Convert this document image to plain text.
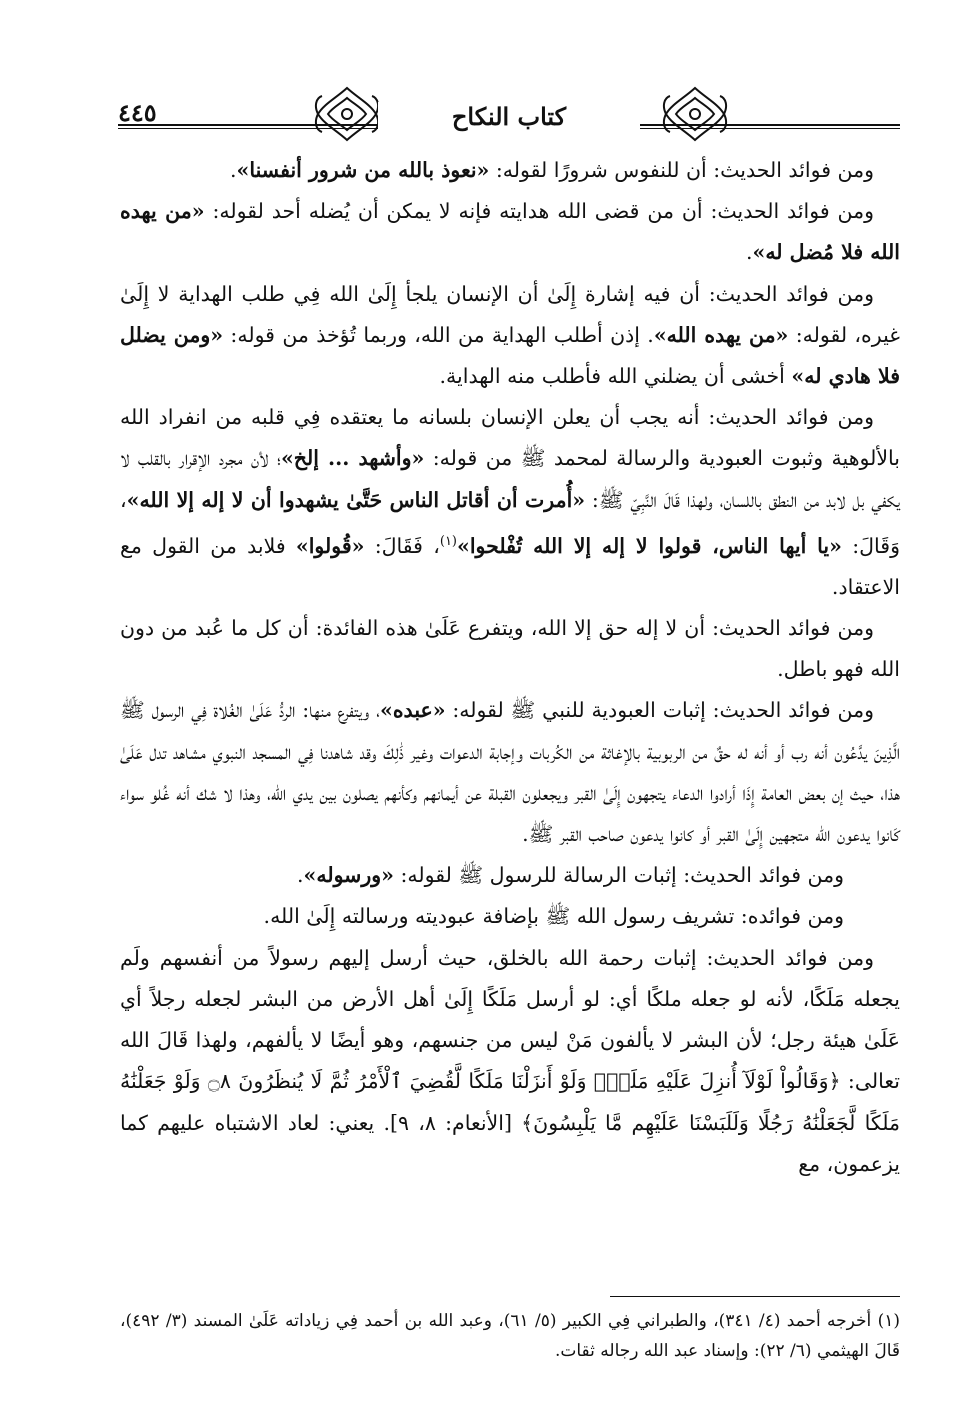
٤٤٥	كتاب النكاح

ومن فوائد الحديث: أن للنفوس شرورًا لقوله: «نعوذ بالله من شرور أنفسنا».

ومن فوائد الحديث: أن من قضى الله هدايته فإنه لا يمكن أن يُضله أحد لقوله: «من يهده الله فلا مُضل له».

ومن فوائد الحديث: أن فيه إشارة إِلَىٰ أن الإنسان يلجأ إِلَىٰ الله فِي طلب الهداية لا إِلَىٰ غيره، لقوله: «من يهده الله». إذن أطلب الهداية من الله، وربما تُؤخذ من قوله: «ومن يضلل فلا هادي له» أخشى أن يضلني الله فأطلب منه الهداية.

ومن فوائد الحديث: أنه يجب أن يعلن الإنسان بلسانه ما يعتقده فِي قلبه من انفراد الله بالألوهية وثبوت العبودية والرسالة لمحمد ﷺ من قوله: «وأشهد ... إلخ»؛ لأن مجرد الإقرار بالقلب لا يكفي بل لابد من النطق باللسان، ولهذا قَالَ النَّبِيّ ﷺ: «أُمرت أن أقاتل الناس حَتَّىٰ يشهدوا أن لا إله إلا الله»، وَقَالَ: «يا أيها الناس، قولوا لا إله إلا الله تُفْلحوا»$^{(١)}$، فَقَالَ: «قُولوا» فلابد من القول مع الاعتقاد.

ومن فوائد الحديث: أن لا إله حق إلا الله، ويتفرع عَلَىٰ هذه الفائدة: أن كل ما عُبد من دون الله فهو باطل.

ومن فوائد الحديث: إثبات العبودية للنبي ﷺ لقوله: «عبده»، ويتفرع منها: الردُّ عَلَىٰ الغُلاة فِي الرسول ﷺ الَّذِينَ يدَّعُون أنه رب أو أنه له حقٌ من الربوبية بالإغاثة من الكُربات وإجابة الدعوات وغير ذَٰلِكَ وقد شاهدنا فِي المسجد النبوي مشاهد تدل عَلَىٰ هذا، حيث إن بعض العامة إِذَا أرادوا الدعاء يتجهون إِلَىٰ القبر ويجعلون القبلة عن أيمانهم وكأنهم يصلون بين يدي الله، وهذا لا شك أنه غُلو سواء كَانوا يدعون الله متجهين إِلَىٰ القبر أو كانوا يدعون صاحب القبر ﷺ.

ومن فوائد الحديث: إثبات الرسالة للرسول ﷺ لقوله: «ورسوله».

ومن فوائده: تشريف رسول الله ﷺ بإضافة عبوديته ورسالته إِلَىٰ الله.

ومن فوائد الحديث: إثبات رحمة الله بالخلق، حيث أرسل إليهم رسولاً من أنفسهم ولَم يجعله مَلَكًا، لأنه لو جعله ملكًا أي: لو أرسل مَلَكًا إِلَىٰ أهل الأرض من البشر لجعله رجلاً أي عَلَىٰ هيئة رجل؛ لأن البشر لا يألفون مَنْ ليس من جنسهم، وهو أيضًا لا يألفهم، ولهذا قَالَ الله تعالى: ﴿وَقَالُواْ لَوْلَآ أُنزِلَ عَلَيْهِ مَلَكٌۖ وَلَوْ أَنزَلْنَا مَلَكًا لَّقُضِيَ ٱلْأَمْرُ ثُمَّ لَا يُنظَرُونَ ۝٨ وَلَوْ جَعَلْنَٰهُ مَلَكًا لَّجَعَلْنَٰهُ رَجُلًا وَلَلَبَسْنَا عَلَيْهِم مَّا يَلْبِسُونَ﴾ [الأنعام: ٨، ٩]. يعني: لعاد الاشتباه عليهم كما يزعمون، مع

(١) أخرجه أحمد (٤/ ٣٤١)، والطبراني فِي الكبير (٥/ ٦١)، وعبد الله بن أحمد فِي زياداته عَلَىٰ المسند (٣/ ٤٩٢)، قَالَ الهيثمي (٦/ ٢٢): وإسناد عبد الله رجاله ثقات.
